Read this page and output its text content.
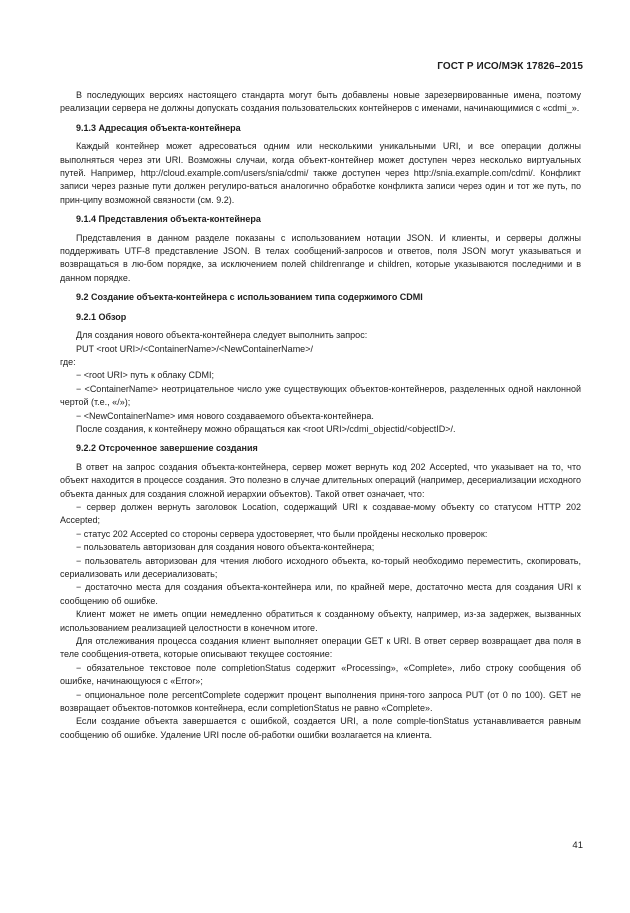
ГОСТ Р ИСО/МЭК 17826–2015

В последующих версиях настоящего стандарта могут быть добавлены новые зарезервированные имена, поэтому реализации сервера не должны допускать создания пользовательских контейнеров с именами, начинающимися с «cdmi_».

9.1.3 Адресация объекта-контейнера

Каждый контейнер может адресоваться одним или несколькими уникальными URI, и все операции должны выполняться через эти URI. Возможны случаи, когда объект-контейнер может доступен через несколько виртуальных путей. Например, http://cloud.example.com/users/snia/cdmi/ также доступен через http://snia.example.com/cdmi/. Конфликт записи через разные пути должен регулиро-ваться аналогично обработке конфликта записи через один и тот же путь, по прин-ципу возможной связности (см. 9.2).

9.1.4 Представления объекта-контейнера

Представления в данном разделе показаны с использованием нотации JSON. И клиенты, и серверы должны поддерживать UTF-8 представление JSON. В телах сообщений-запросов и ответов, поля JSON могут указываться и возвращаться в лю-бом порядке, за исключением полей childrenrange и children, которые указываются последними и в данном порядке.

9.2 Создание объекта-контейнера с использованием типа содержимого CDMI

9.2.1 Обзор

Для создания нового объекта-контейнера следует выполнить запрос:

PUT <root URI>/<ContainerName>/<NewContainerName>/

где:

− <root URI> путь к облаку CDMI;

− <ContainerName> неотрицательное число уже существующих объектов-контейнеров, разделенных одной наклонной чертой (т.е., «/»);

− <NewContainerName> имя нового создаваемого объекта-контейнера.

После создания, к контейнеру можно обращаться как <root URI>/cdmi_objectid/<objectID>/.

9.2.2 Отсроченное завершение создания

В ответ на запрос создания объекта-контейнера, сервер может вернуть код 202 Accepted, что указывает на то, что объект находится в процессе создания. Это полезно в случае длительных операций (например, десериализации исходного объекта данных для создания сложной иерархии объектов). Такой ответ означает, что:

− сервер должен вернуть заголовок Location, содержащий URI к создавае-мому объекту со статусом HTTP 202 Accepted;

− статус 202 Accepted со стороны сервера удостоверяет, что были пройдены несколько проверок:

− пользователь авторизован для создания нового объекта-контейнера;

− пользователь авторизован для чтения любого исходного объекта, ко-торый необходимо переместить, скопировать, сериализовать или десериализовать;

− достаточно места для создания объекта-контейнера или, по крайней мере, достаточно места для создания URI к сообщению об ошибке.

Клиент может не иметь опции немедленно обратиться к созданному объекту, например, из-за задержек, вызванных использованием реализацией целостности в конечном итоге.

Для отслеживания процесса создания клиент выполняет операции GET к URI. В ответ сервер возвращает два поля в теле сообщения-ответа, которые описывают текущее состояние:

− обязательное текстовое поле completionStatus содержит «Processing», «Complete», либо строку сообщения об ошибке, начинающуюся с «Error»;

− опциональное поле percentComplete содержит процент выполнения приня-того запроса PUT (от 0 по 100). GET не возвращает объектов-потомков контейнера, если completionStatus не равно «Complete».

Если создание объекта завершается с ошибкой, создается URI, а поле comple-tionStatus устанавливается равным сообщению об ошибке. Удаление URI после об-работки ошибки возлагается на клиента.

41
